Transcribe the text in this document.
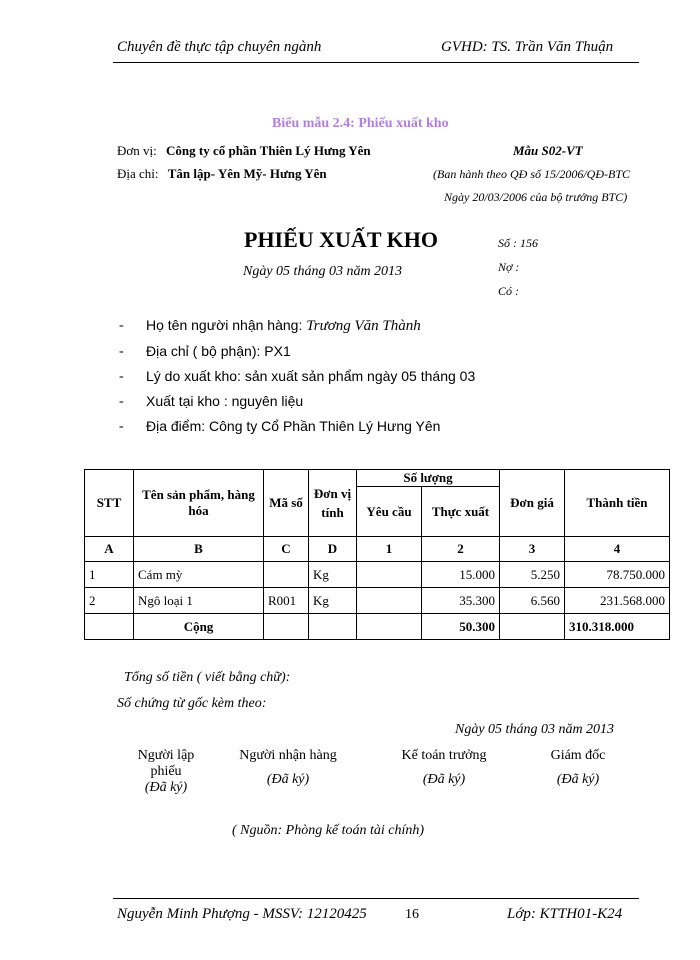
Chuyên đề thực tập chuyên ngành	GVHD: TS. Trần Văn Thuận
Biểu mẫu 2.4: Phiếu xuất kho
Đơn vị: Công ty cổ phần Thiên Lý Hưng Yên
Địa chỉ: Tân lập- Yên Mỹ- Hưng Yên
Mẫu S02-VT
(Ban hành theo QĐ số 15/2006/QĐ-BTC
Ngày 20/03/2006 của bộ trưởng BTC)
PHIẾU XUẤT KHO
Ngày 05 tháng 03 năm 2013
Số : 156
Nợ :
Có :
- Họ tên người nhận hàng: Trương Văn Thành
- Địa chỉ ( bộ phận): PX1
- Lý do xuất kho: sản xuất sản phẩm ngày 05 tháng 03
- Xuất tại kho : nguyên liệu
- Địa điểm: Công ty Cổ Phần Thiên Lý Hưng Yên
STT	Tên sản phẩm, hàng hóa	Mã số	Đơn vị tính	Số lượng		Đơn giá	Thành tiền
				Yêu cầu	Thực xuất		
A	B	C	D	1	2	3	4
1	Cám mỳ		Kg		15.000	5.250	78.750.000
2	Ngô loại 1	R001	Kg		35.300	6.560	231.568.000
	Cộng				50.300		310.318.000
Tổng số tiền ( viết bằng chữ):
Số chứng từ gốc kèm theo:
Ngày 05 tháng 03 năm 2013
Người lập
phiếu
(Đã ký)
Người nhận hàng
(Đã ký)
Kế toán trưởng
(Đã ký)
Giám đốc
(Đã ký)
( Nguồn: Phòng kế toán tài chính)
Nguyễn Minh Phượng - MSSV: 12120425	16	Lớp: KTTH01-K24
